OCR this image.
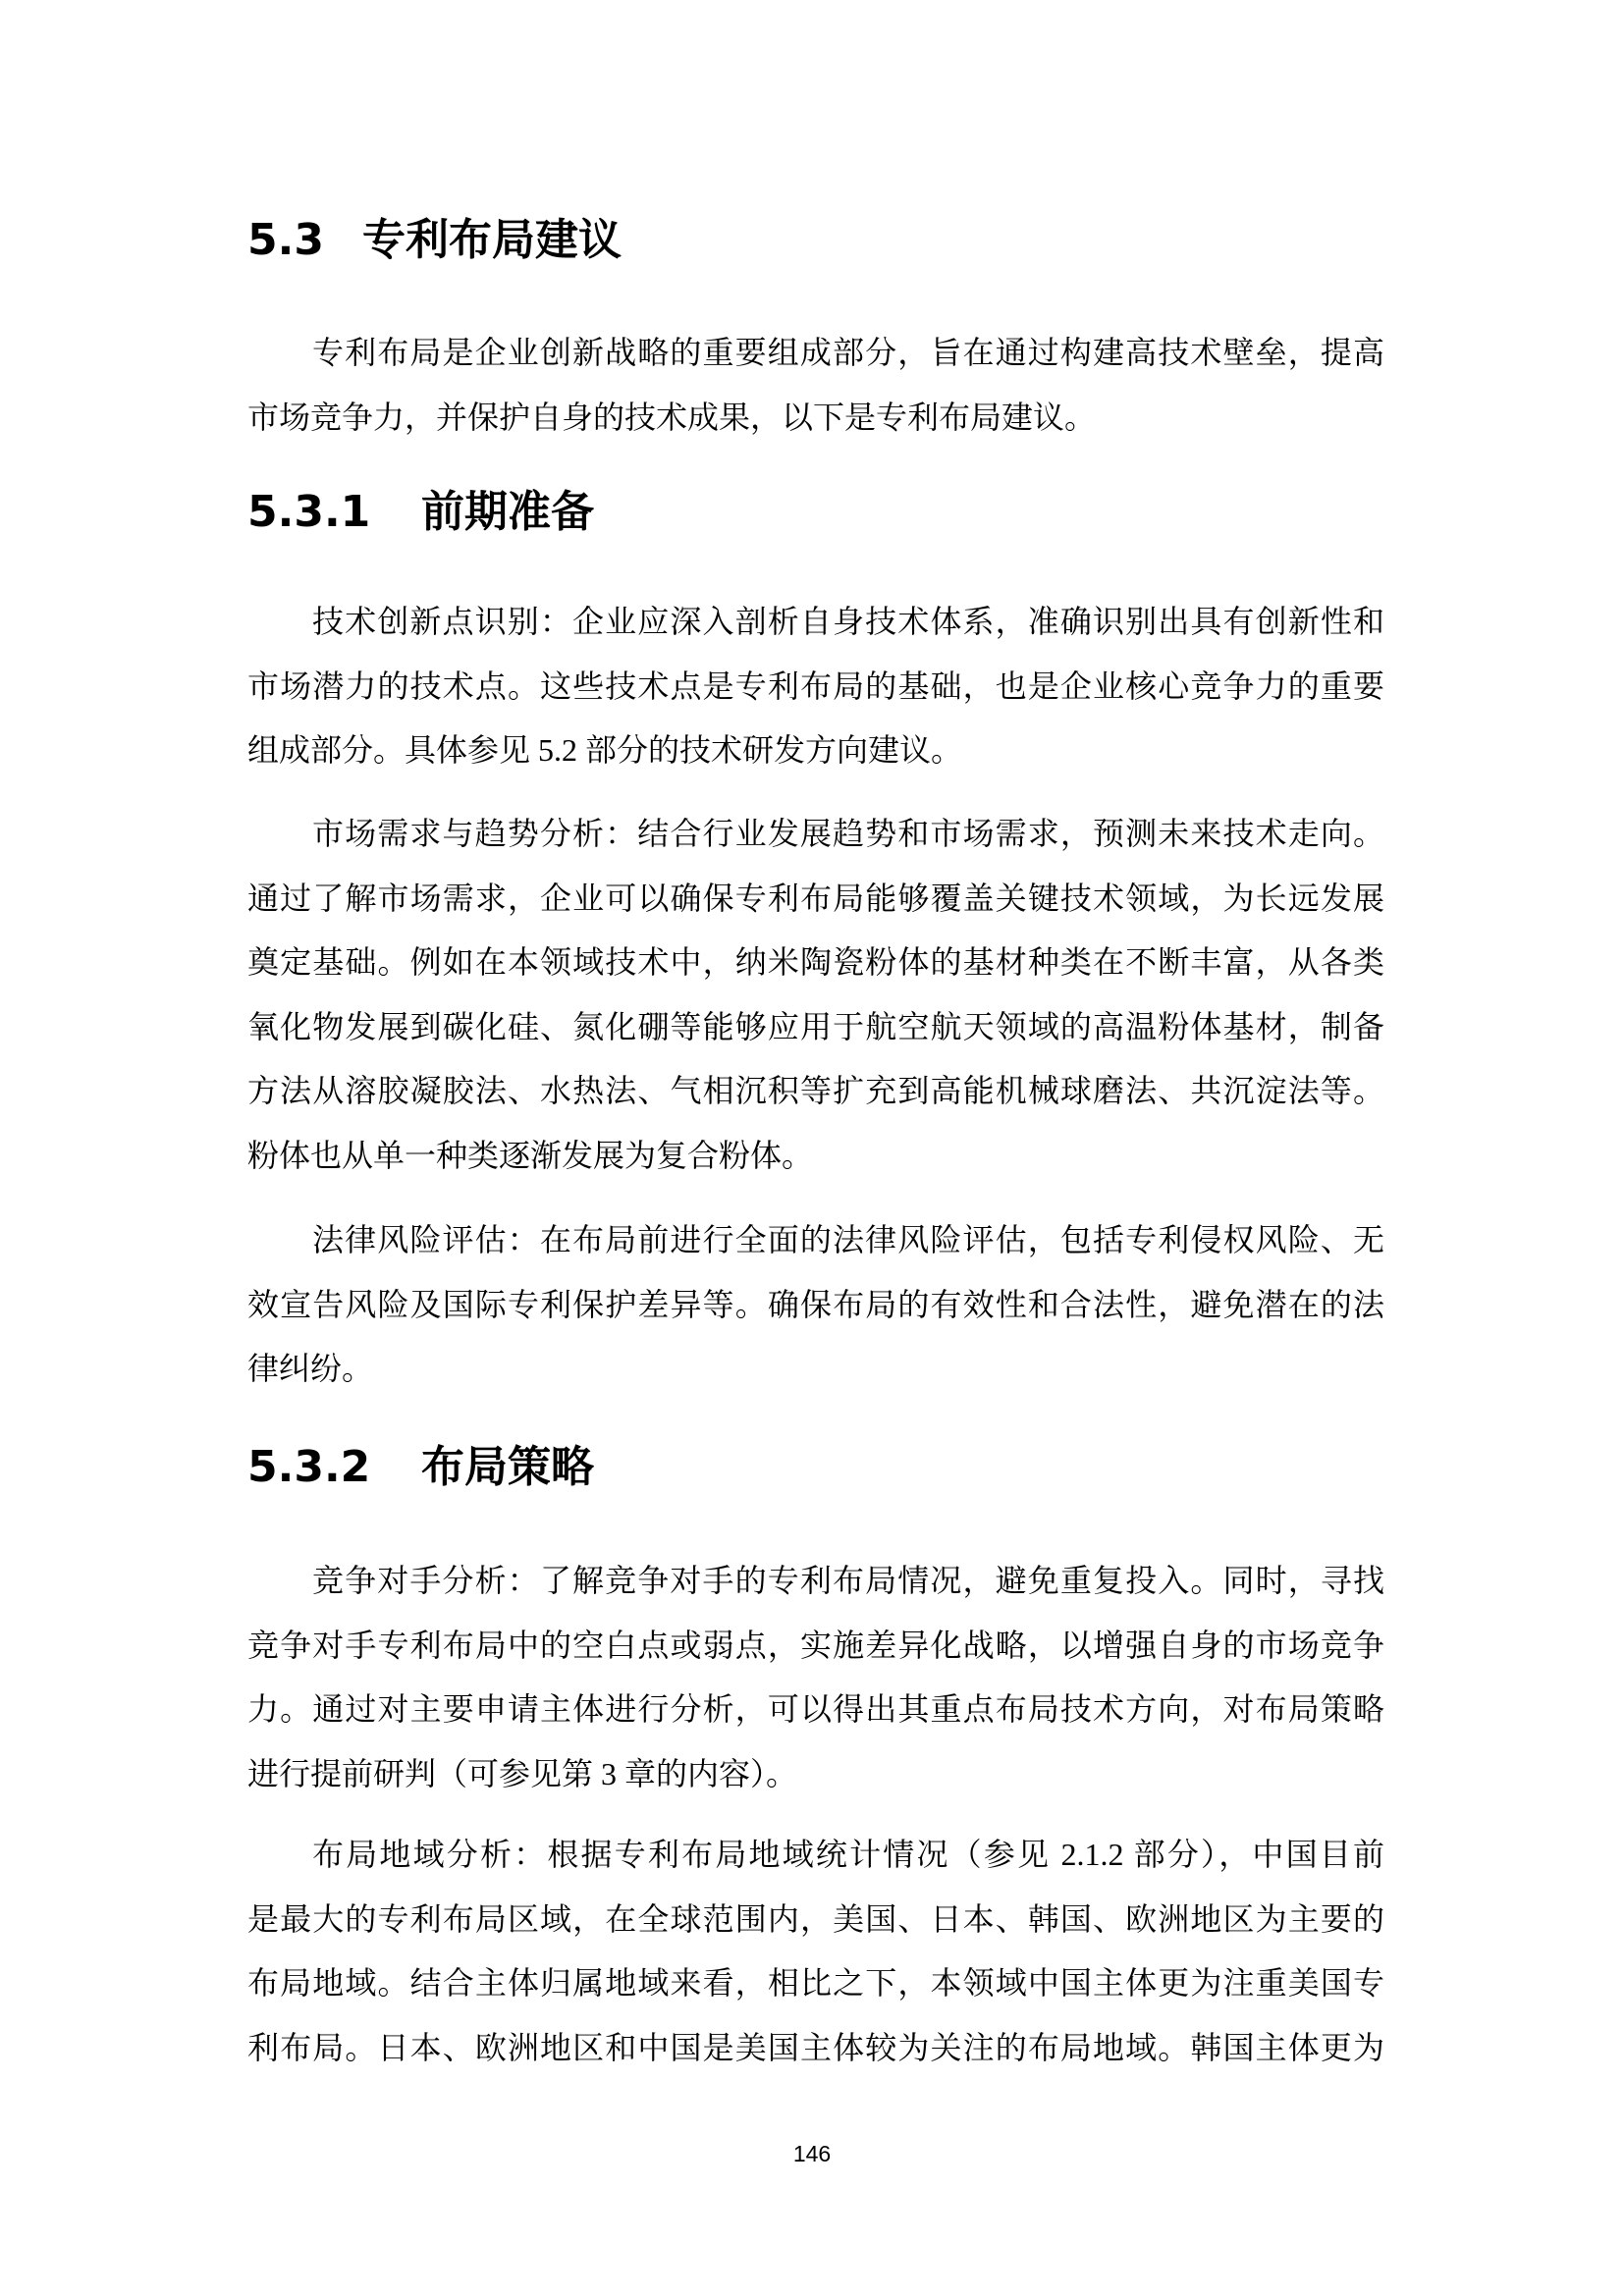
5.3 专利布局建议
专利布局是企业创新战略的重要组成部分，旨在通过构建高技术壁垒，提高
市场竞争力，并保护自身的技术成果，以下是专利布局建议。
5.3.1 前期准备
技术创新点识别：企业应深入剖析自身技术体系，准确识别出具有创新性和
市场潜力的技术点。这些技术点是专利布局的基础，也是企业核心竞争力的重要
组成部分。具体参见 5.2 部分的技术研发方向建议。
市场需求与趋势分析：结合行业发展趋势和市场需求，预测未来技术走向。
通过了解市场需求，企业可以确保专利布局能够覆盖关键技术领域，为长远发展
奠定基础。例如在本领域技术中，纳米陶瓷粉体的基材种类在不断丰富，从各类
氧化物发展到碳化硅、氮化硼等能够应用于航空航天领域的高温粉体基材，制备
方法从溶胶凝胶法、水热法、气相沉积等扩充到高能机械球磨法、共沉淀法等。
粉体也从单一种类逐渐发展为复合粉体。
法律风险评估：在布局前进行全面的法律风险评估，包括专利侵权风险、无
效宣告风险及国际专利保护差异等。确保布局的有效性和合法性，避免潜在的法
律纠纷。
5.3.2 布局策略
竞争对手分析：了解竞争对手的专利布局情况，避免重复投入。同时，寻找
竞争对手专利布局中的空白点或弱点，实施差异化战略，以增强自身的市场竞争
力。通过对主要申请主体进行分析，可以得出其重点布局技术方向，对布局策略
进行提前研判（可参见第 3 章的内容）。
布局地域分析：根据专利布局地域统计情况（参见 2.1.2 部分），中国目前
是最大的专利布局区域，在全球范围内，美国、日本、韩国、欧洲地区为主要的
布局地域。结合主体归属地域来看，相比之下，本领域中国主体更为注重美国专
利布局。日本、欧洲地区和中国是美国主体较为关注的布局地域。韩国主体更为
146
